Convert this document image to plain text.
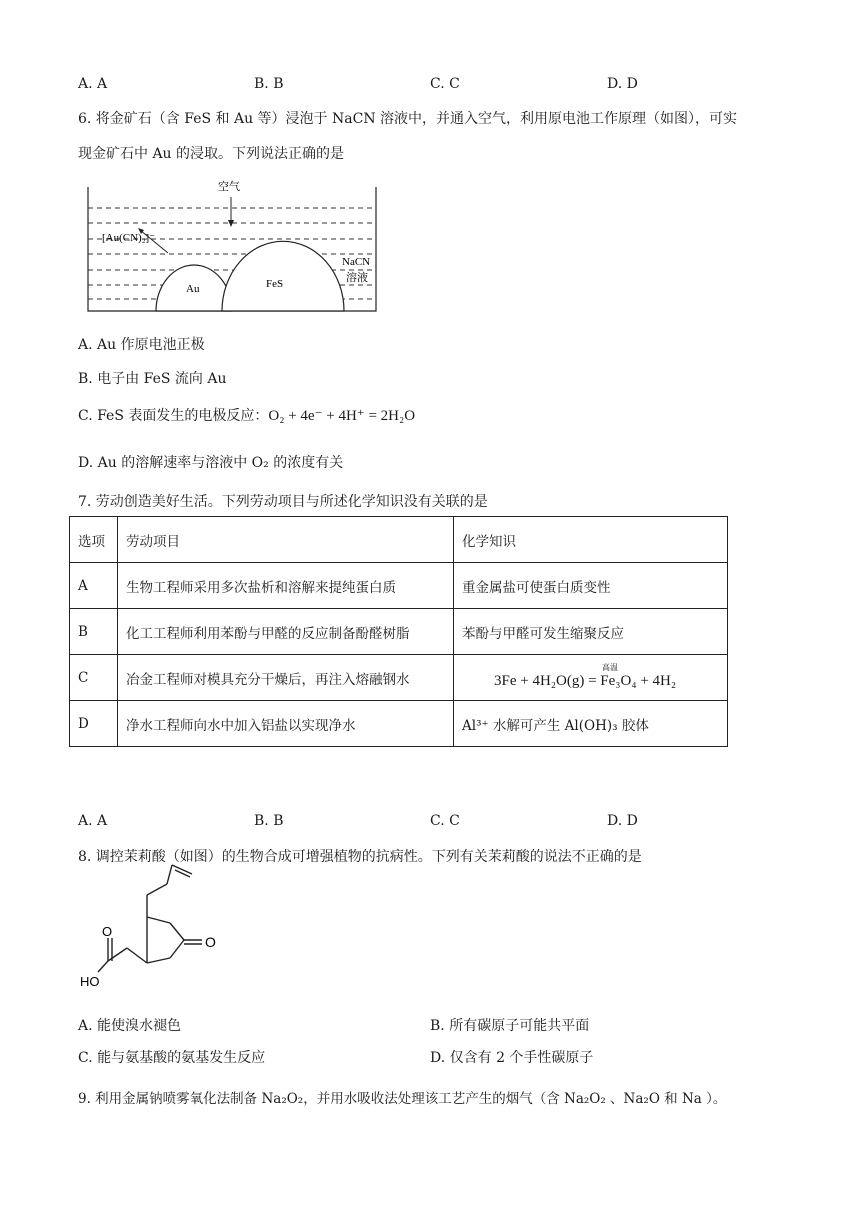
A. A	B. B	C. C	D. D
6. 将金矿石（含 FeS 和 Au 等）浸泡于 NaCN 溶液中，并通入空气，利用原电池工作原理（如图），可实
现金矿石中 Au 的浸取。下列说法正确的是
空气
[Au(CN)₂]⁻
Au	FeS
NaCN
溶液
A. Au 作原电池正极
B. 电子由 FeS 流向 Au
C. FeS 表面发生的电极反应：O₂ + 4e⁻ + 4H⁺ = 2H₂O
D. Au 的溶解速率与溶液中 O₂ 的浓度有关
7. 劳动创造美好生活。下列劳动项目与所述化学知识没有关联的是
选项	劳动项目	化学知识
A	生物工程师采用多次盐析和溶解来提纯蛋白质	重金属盐可使蛋白质变性
B	化工工程师利用苯酚与甲醛的反应制备酚醛树脂	苯酚与甲醛可发生缩聚反应
C	冶金工程师对模具充分干燥后，再注入熔融钢水	高温
3Fe + 4H₂O(g) = Fe₃O₄ + 4H₂
D	净水工程师向水中加入铝盐以实现净水	Al³⁺ 水解可产生 Al(OH)₃ 胶体
A. A	B. B	C. C	D. D
8. 调控茉莉酸（如图）的生物合成可增强植物的抗病性。下列有关茉莉酸的说法不正确的是
O
O
HO
A. 能使溴水褪色	B. 所有碳原子可能共平面
C. 能与氨基酸的氨基发生反应	D. 仅含有 2 个手性碳原子
9. 利用金属钠喷雾氧化法制备 Na₂O₂，并用水吸收法处理该工艺产生的烟气（含 Na₂O₂ 、Na₂O 和 Na ）。
